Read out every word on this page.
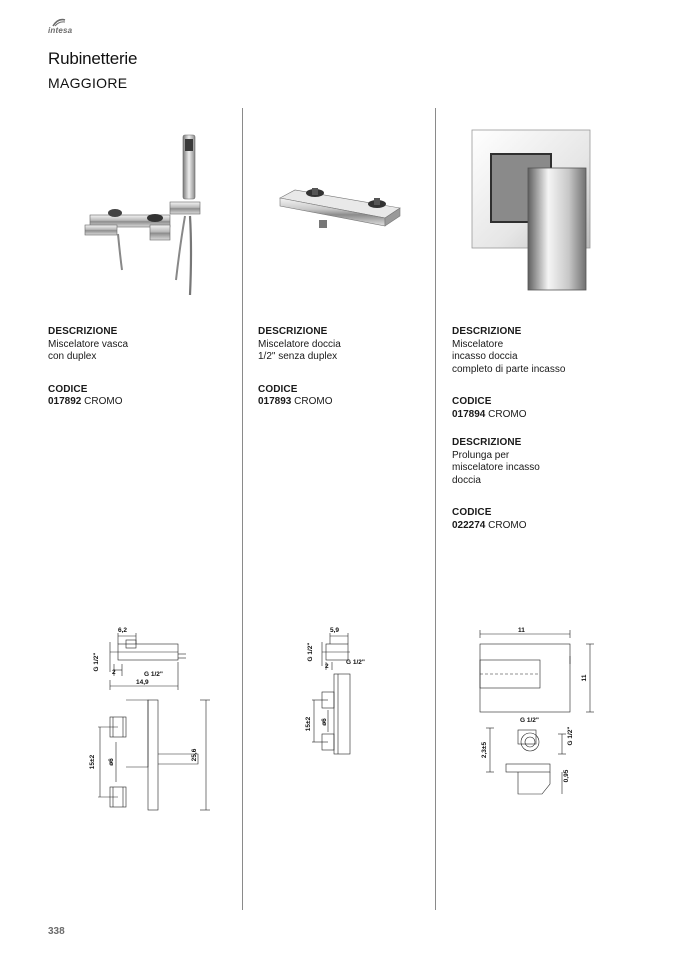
intesa
Rubinetterie
MAGGIORE
DESCRIZIONE
Miscelatore vasca
con duplex
CODICE
017892 CROMO
DESCRIZIONE
Miscelatore doccia
1/2" senza duplex
CODICE
017893 CROMO
DESCRIZIONE
Miscelatore
incasso doccia
completo di parte incasso
CODICE
017894 CROMO
DESCRIZIONE
Prolunga per
miscelatore incasso
doccia
CODICE
022274 CROMO
G 1/2"
6,2
2	G 1/2"
14,9
15±2 ø6
25,6
G 1/2"
5,9
G 1/2"
2
15±2 ø6
11
11
G 1/2"
G 1/2"
2,3±5
0,95
338
